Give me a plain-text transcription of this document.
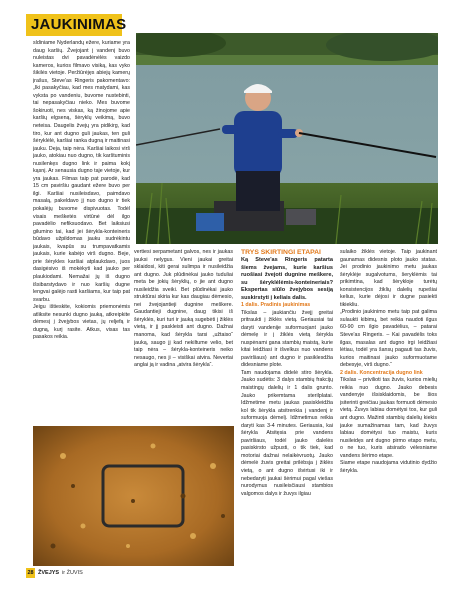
JAUKINIMAS

sldiniame Nyderlandų ežere, kuriame yra daug karšių. Žvejojant į vandenį buvo nuleistas dvi pavadėnėlės vaizdo kameros, kurios filmavo visiką, kas vyko šikilės vietoje. Peržiūrėjęs abiejų kamerų įrašus, Steve'as Ringeris pakomentavo: „Iki pasakyčiau, kad mes matydami, kas vyksta po vandeniu, buvome nustebinti, tai nepasakyčiau nieko. Mes buvome šokiruoti, nes viskas, ką žinojome apie karšių elgseną, šėryklų veikimą, buvo neteisa. Daugelis žvejų yra pidikirg, kad tiro, kur ant dugno guli jaukas, ten guli šėryklėlė, karšiai ranka dugną ir maitinasi jauku. Deja, taip nėra. Karšiai laikosi virš jauko, atokiau nuo dugno, tik karštuminis nusilenkęs dugno link ir paima kokį kąsnį. Ar senausia dugno taje vietoje, kur yra jaukas. Filmas taip pat parodė, kad 15 cm paviršiu gaudant ežere buvo per ilgi. Karšiai nusileisdavo, paimdavo masalą, pakeldavo jį nuo dugno ir tiek pokalėjų buvome dispivuotas. Todėl visais mešketės virtūnė dėl ilgo pavadėlio nefiksuodavo. Bet laiksiusi gilumino tai, kad jei šėrykla-konteineris būdavo užpildomas jauku sudrėkintu jaukais, kvapūs su trumpavatkamis jaukais, kurie kabėjo virš dugno. Beje, prie šėrykles karšiai atplaukdavo, juos dasigėsivo iš mokėkyti kad jauko per plaukiodami. Nemažai jų iš dugno išsibarstydavo ir nuo karšių dugne lengvai galėjo rasti karšiams, kur taip pat svarbu.

Jeigu ištieskite, kokiomis priemonėmis atliksite nesunki dugno jauką, atkreipkite dėmesį į žvejybos vietas, jų reljefą ir dugną, kurį rasite. Atkus, visas tas pasakos reikia.

vertiesi serpametant galvos, nes ir jaukas jauksi nelygus. Vieni jaukai greitai sklaidosi, kiti gerai sulimpa ir nusileidžia ant dugno. Juk plūdinėkai jauko tuduliai meta be jokių šėryklių, o jie ant dugno nusileidžia sveiki. Bet plūdinėkai jauko struktūrai skiria kur kas daugiau dėmesio, nei žvejojantieji dugnine meškere. Gaudantieji dugnine, daug tikisi iš šėryklės, kuri turi ir jauką sugebėti į žiklės vietą, ir jį paskleisti ant dugno. Dažnai manoma, kad šėrykla tarsi „užtaiso“ jauką, saugo jį kad nekiltume velio, bet taip nėra – šėrykla-konteineris neiko nesaugo, nes ji – visiškai atvira. Nevertai anglai ją ir vadina „atvira šėrykla“.

TRYS SKIRTINGI ETAPAI

Ką Steve'as Ringeris patarta šiems žvejams, kurie karšius ruošiasi žvejoti dugnine meškere, su šėryklėlėmis-konteineriais? Ekspertas siūlo žvejybos sesiją suskirstyti į keliais dalis.

1 dalis. Pradinis jaukinimas

Tikslas – jaukiančiu žvejį greitai pritraukti į žiklės vietą. Geriausiai tai daryti vandenije suformuojant jauko dėmelę ir į žiklės vietą šėrykla nuspėnami gana stambių maistą, kurie kitai leidžiasi ir išvelkus nuo vandens paviršiaus) ant dugno ir pasiklesdžia didesniame plote.

Tam naudojama didelė stiro šėrykla. Jauko sudėtis: 3 dalys stambių frakcijų maistingų dalelių ir 1 dalis grunto. Jauko prikemtama sterilplatai. Idžmetime metu jaukas pasiskleidžia kol tik šėrykla atsitrenkia į vandenį ir suformuoja dėmelį. Idžmetimus reikia daryti kas 3-4 minutes. Geriausia, kai šėrykla Atsitęsia prie vandens paviršiaus, todėl jauko dalelės pasiskirsto užpusti, o tik tiek, kad motoriai dažnai nelaikėvruotų. Jauko dėmelė žuvis greitai prilėbsja į žiklės vietą, o ant dugno išvirtusi iki ir nebedaryti jaukai šėrimui pagal viešas nurodymus nusileisčiausi stambios valgomos dalys ir žuvys ilgiau

sulaiko žiklės vietoje. Taip jaukinant gaunamas didesnis ploto jauko statas. Jei prodinio jaukinimo metu jaukas šėryklėje sugalvotums, šeryklėmis tai prikimtina, kad šėrykloje turėtų konsistencijos žiklių dalelių rupešiai kelius, kurie dėjosi ir dugne pasiekti tikiekliu.

„Prodinio jaukinimo metu taip pat galima sulaukti kibimų, bet reikia naudoti ilgus 60-90 cm ilgio pavadėlius, – patarai Steve'as Ringeris. – Kai pavadėlis toks ilgas, masalas ant dugno irgi leidžiasi lėtiau, todėl yra šansų pagauti tas žuvis, kurios maitinasi jauko suformuotame debesyje, virš dugno.“

2 dalis. Koncentracija dugno link

Tikslas – privilioti tas žuvis, kurios mielių reikia nuo dugno. Jauko debesis vandenyje išsisklaidomis, be šios įsiterinti greičiau jaukas formuoti dėmesio vietą. Žuvys labiau domėtysi tos, kur guli ant dugno. Mažinti stambių dalelių kiekis jauke sumažinamas tam, kad žuvys labiau domėtysi tuo maistu, kuris nusileidęs ant dugno pirmo etapo metu, o ne tuo, kuris atsirado vėlesniame vandens šėrimo etape.

Siame etape naudojama vidutinio dydžio šėrykla.

28 ŽVEJYS ir ŽUVIS
